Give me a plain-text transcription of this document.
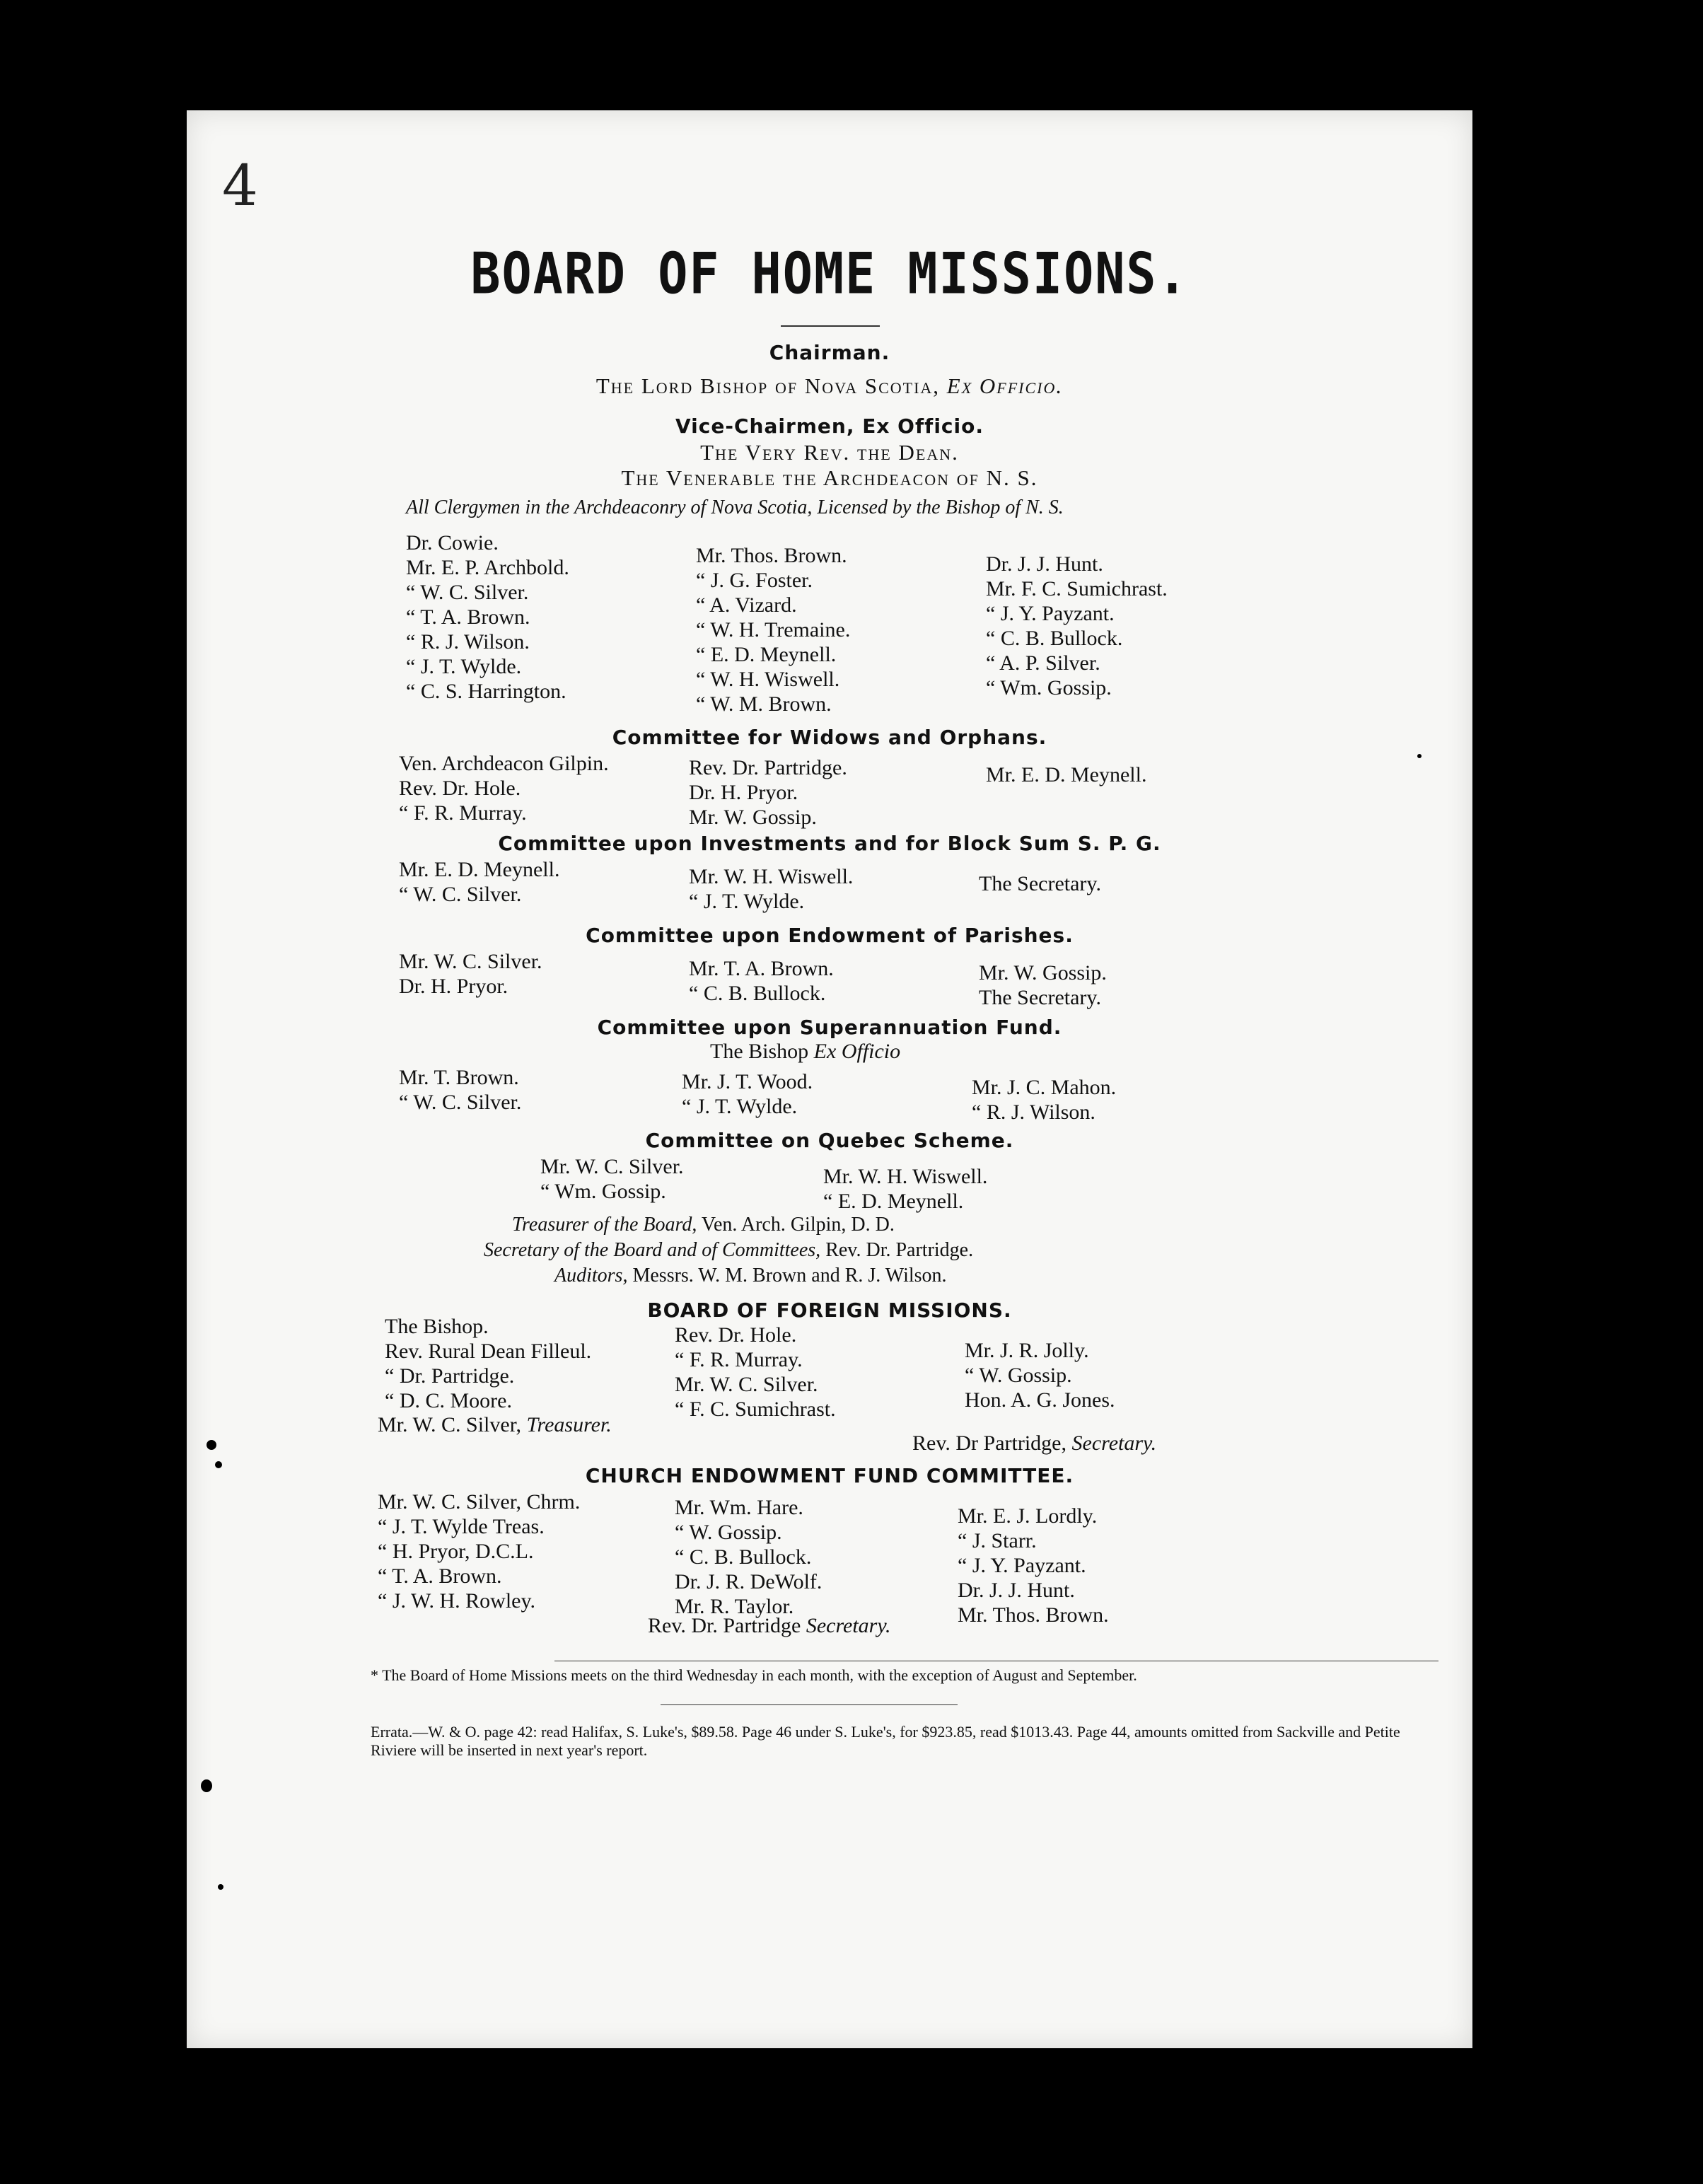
4
BOARD OF HOME MISSIONS.
Chairman.
The Lord Bishop of Nova Scotia, Ex Officio.
Vice-Chairmen, Ex Officio.
The Very Rev. the Dean.
The Venerable the Archdeacon of N. S.
All Clergymen in the Archdeaconry of Nova Scotia, Licensed by the Bishop of N. S.
Dr. Cowie.
Mr. E. P. Archbold.
“ W. C. Silver.
“ T. A. Brown.
“ R. J. Wilson.
“ J. T. Wylde.
“ C. S. Harrington.
Mr. Thos. Brown.
“ J. G. Foster.
“ A. Vizard.
“ W. H. Tremaine.
“ E. D. Meynell.
“ W. H. Wiswell.
“ W. M. Brown.
Dr. J. J. Hunt.
Mr. F. C. Sumichrast.
“ J. Y. Payzant.
“ C. B. Bullock.
“ A. P. Silver.
“ Wm. Gossip.
Committee for Widows and Orphans.
Ven. Archdeacon Gilpin.
Rev. Dr. Hole.
“ F. R. Murray.
Rev. Dr. Partridge.
Dr. H. Pryor.
Mr. W. Gossip.
Mr. E. D. Meynell.
Committee upon Investments and for Block Sum S. P. G.
Mr. E. D. Meynell.
“ W. C. Silver.
Mr. W. H. Wiswell.
“ J. T. Wylde.
The Secretary.
Committee upon Endowment of Parishes.
Mr. W. C. Silver.
Dr. H. Pryor.
Mr. T. A. Brown.
“ C. B. Bullock.
Mr. W. Gossip.
The Secretary.
Committee upon Superannuation Fund.
The Bishop Ex Officio
Mr. T. Brown.
“ W. C. Silver.
Mr. J. T. Wood.
“ J. T. Wylde.
Mr. J. C. Mahon.
“ R. J. Wilson.
Committee on Quebec Scheme.
Mr. W. C. Silver.
“ Wm. Gossip.
Mr. W. H. Wiswell.
“ E. D. Meynell.
Treasurer of the Board, Ven. Arch. Gilpin, D. D.
Secretary of the Board and of Committees, Rev. Dr. Partridge.
Auditors, Messrs. W. M. Brown and R. J. Wilson.
BOARD OF FOREIGN MISSIONS.
The Bishop.
Rev. Rural Dean Filleul.
“ Dr. Partridge.
“ D. C. Moore.
Rev. Dr. Hole.
“ F. R. Murray.
Mr. W. C. Silver.
“ F. C. Sumichrast.
Mr. J. R. Jolly.
“ W. Gossip.
Hon. A. G. Jones.
Mr. W. C. Silver, Treasurer.
Rev. Dr Partridge, Secretary.
CHURCH ENDOWMENT FUND COMMITTEE.
Mr. W. C. Silver, Chrm.
“ J. T. Wylde Treas.
“ H. Pryor, D.C.L.
“ T. A. Brown.
“ J. W. H. Rowley.
Mr. Wm. Hare.
“ W. Gossip.
“ C. B. Bullock.
Dr. J. R. DeWolf.
Mr. R. Taylor.
Mr. E. J. Lordly.
“ J. Starr.
“ J. Y. Payzant.
Dr. J. J. Hunt.
Mr. Thos. Brown.
Rev. Dr. Partridge Secretary.
* The Board of Home Missions meets on the third Wednesday in each month, with the exception of August and September.
Errata.—W. & O. page 42: read Halifax, S. Luke's, $89.58. Page 46 under S. Luke's, for $923.85, read $1013.43. Page 44, amounts omitted from Sackville and Petite Riviere will be inserted in next year's report.
